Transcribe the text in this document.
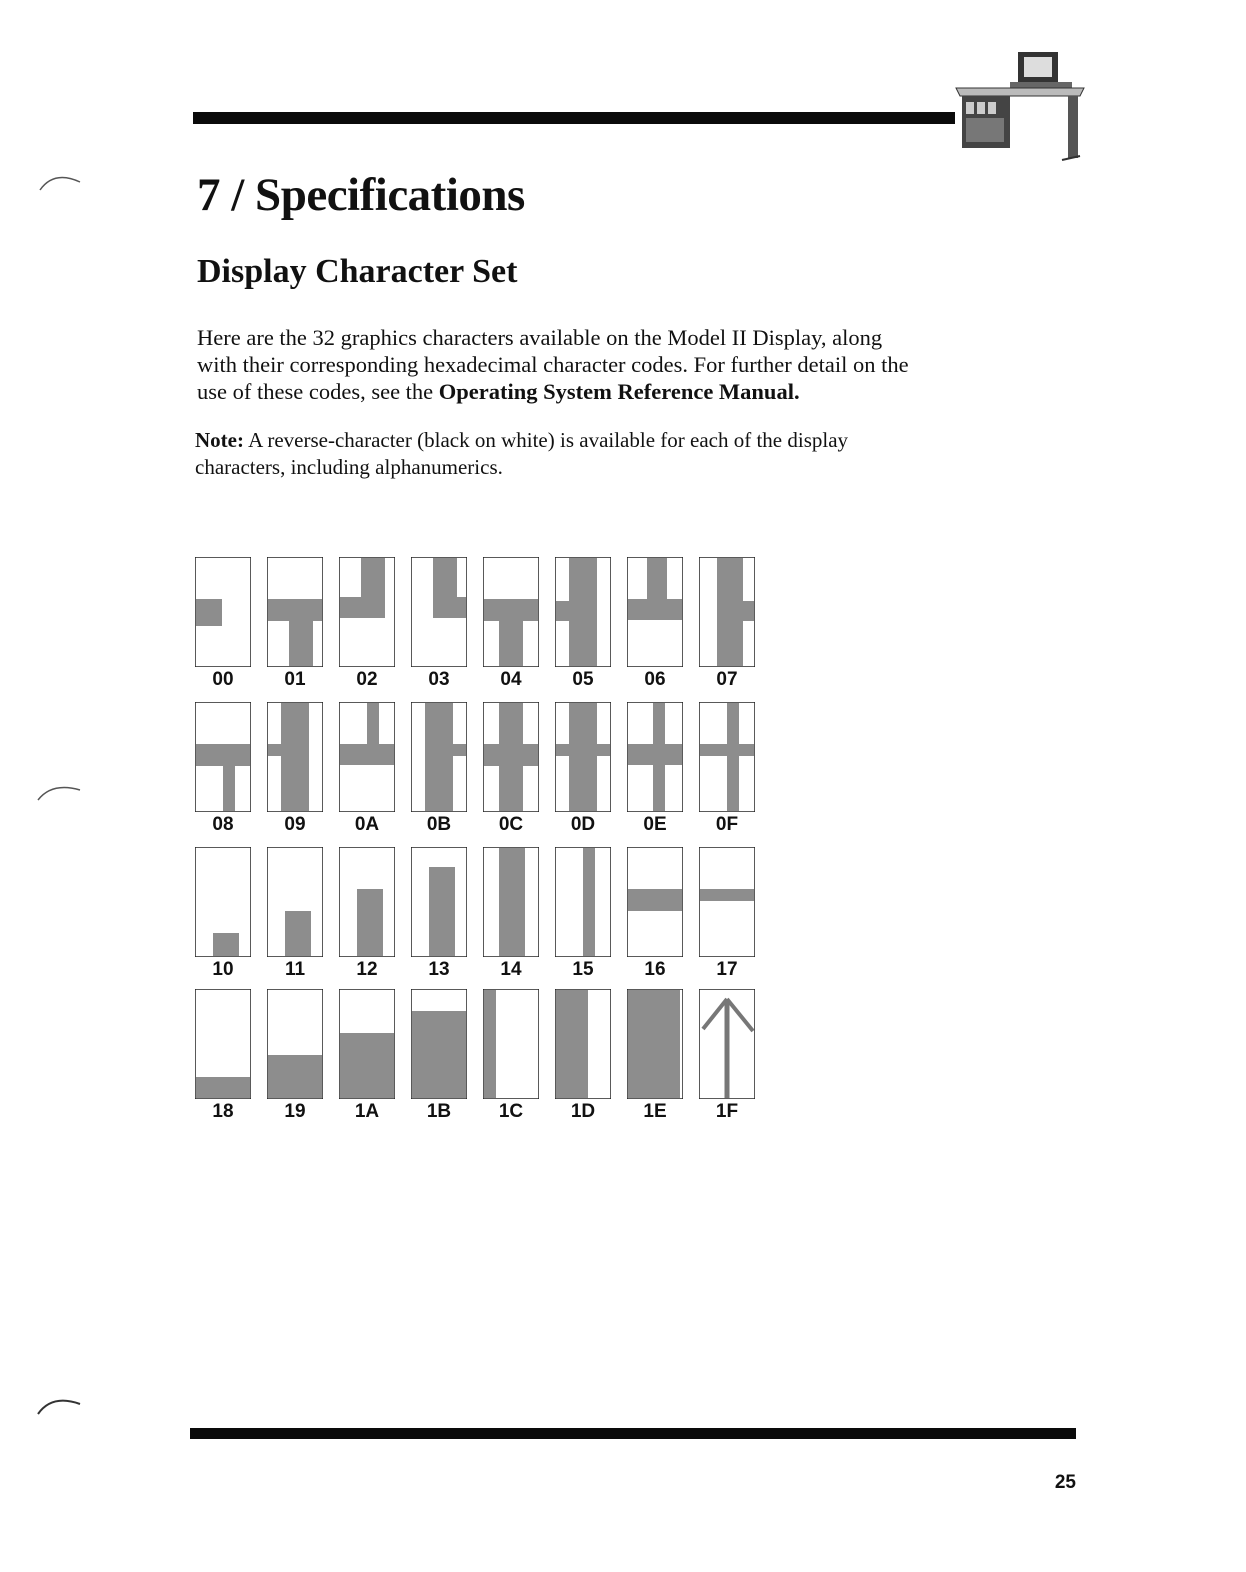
7 / Specifications
Display Character Set

Here are the 32 graphics characters available on the Model II Display, along with their corresponding hexadecimal character codes. For further detail on the use of these codes, see the Operating System Reference Manual.

Note: A reverse-character (black on white) is available for each of the display characters, including alphanumerics.

00	01	02	03	04	05	06	07
08	09	0A	0B	0C	0D	0E	0F
10	11	12	13	14	15	16	17
18	19	1A	1B	1C	1D	1E	1F
25
